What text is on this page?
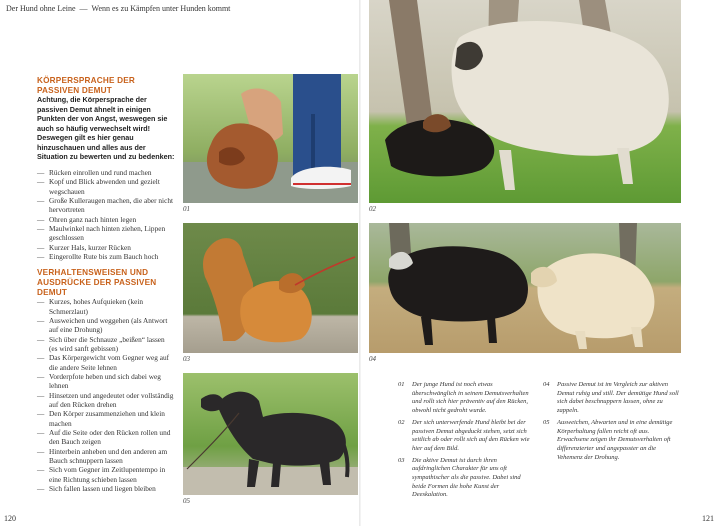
Der Hund ohne Leine — Wenn es zu Kämpfen unter Hunden kommt
KÖRPERSPRACHE DER PASSIVEN DEMUT

Achtung, die Körpersprache der passiven Demut ähnelt in einigen Punkten der von Angst, weswegen sie auch so häufig verwechselt wird! Deswegen gilt es hier genau hinzuschauen und alles aus der Situation zu bewerten und zu bedenken:

— Rücken einrollen und rund machen
— Kopf und Blick abwenden und gezielt wegschauen
— Große Kulleraugen machen, die aber nicht hervortreten
— Ohren ganz nach hinten legen
— Maulwinkel nach hinten ziehen, Lippen geschlossen
— Kurzer Hals, kurzer Rücken
— Eingerollte Rute bis zum Bauch hoch
VERHALTENSWEISEN UND AUSDRÜCKE DER PASSIVEN DEMUT
— Kurzes, hohes Aufquieken (kein Schmerzlaut)
— Ausweichen und weggehen (als Antwort auf eine Drohung)
— Sich über die Schnauze „beißen“ lassen (es wird sanft gebissen)
— Das Körpergewicht vom Gegner weg auf die andere Seite lehnen
— Vorderpfote heben und sich dabei weg lehnen
— Hinsetzen und angedeutet oder vollständig auf den Rücken drehen
— Den Körper zusammenziehen und klein machen
— Auf die Seite oder den Rücken rollen und den Bauch zeigen
— Hinterbein anheben und den anderen am Bauch schnuppern lassen
— Sich vom Gegner im Zeitlupentempo in eine Richtung schieben lassen
— Sich fallen lassen und liegen bleiben
01	02
03	04
05
01 Der junge Hund ist noch etwas überschwänglich in seinem Demutsverhalten und rollt sich hier präventiv auf den Rücken, obwohl nicht gedroht wurde.
02 Der sich unterwerfende Hund bleibt bei der passiven Demut abgeduckt stehen, setzt sich seitlich ab oder rollt sich auf den Rücken wie hier auf dem Bild.
03 Die aktive Demut ist durch ihren aufdringlichen Charakter für uns oft sympathischer als die passive. Dabei sind beide Formen die hohe Kunst der Deeskalation.
04 Passive Demut ist im Vergleich zur aktiven Demut ruhig und still. Der demütige Hund soll sich dabei beschnuppern lassen, ohne zu zappeln.
05 Ausweichen, Abwarten und in eine demütige Körperhaltung fallen reicht oft aus. Erwachsene zeigen ihr Demutsverhalten oft differenzierter und angepasster an die Vehemenz der Drohung.
120	121
